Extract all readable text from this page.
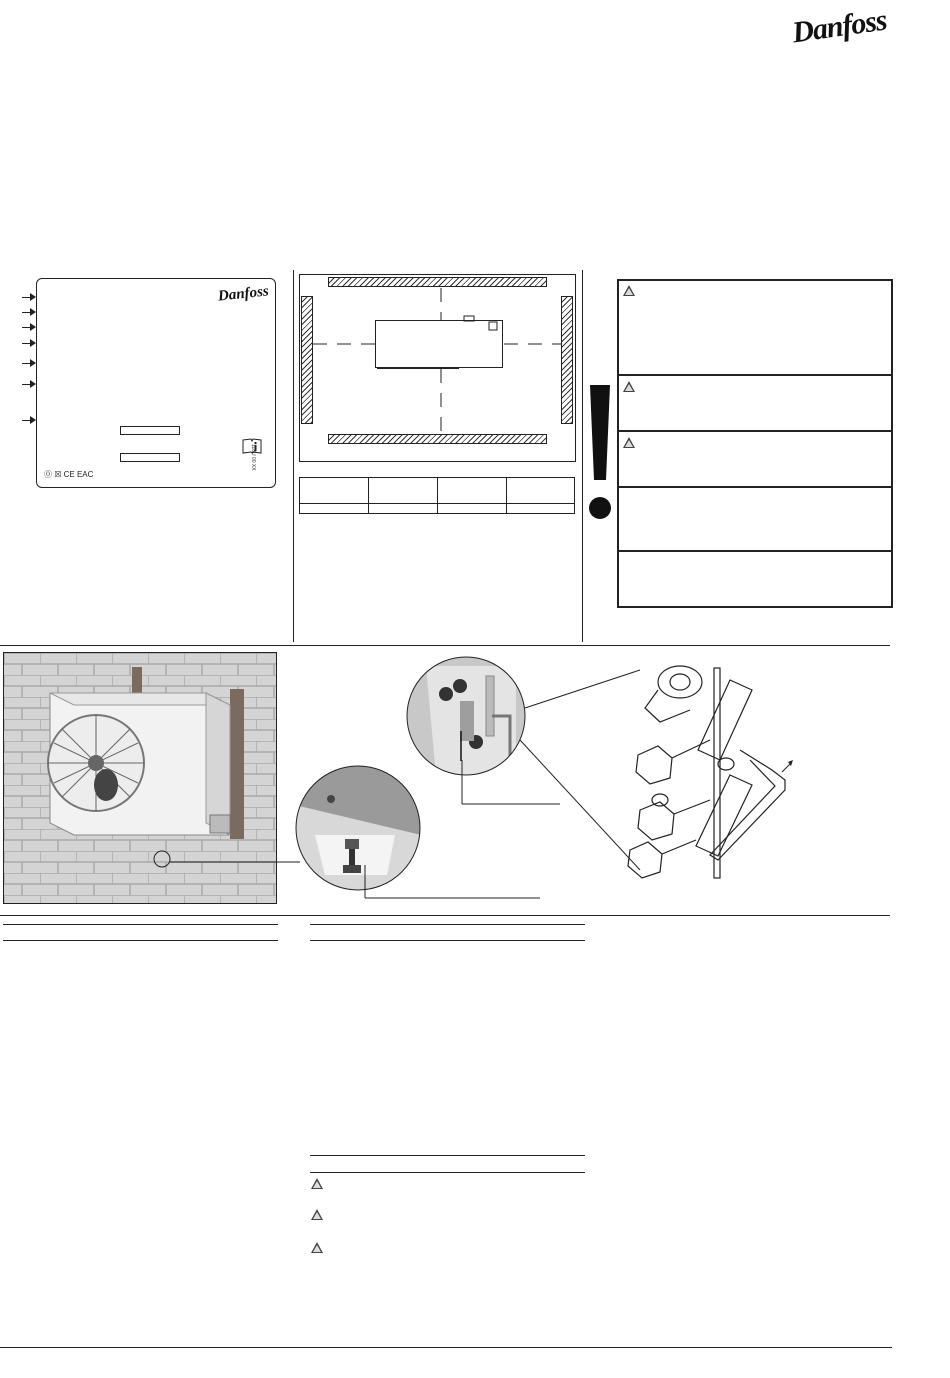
Danfoss
Danfoss
118U 00 XX
⓪ ☒ CE EAC
